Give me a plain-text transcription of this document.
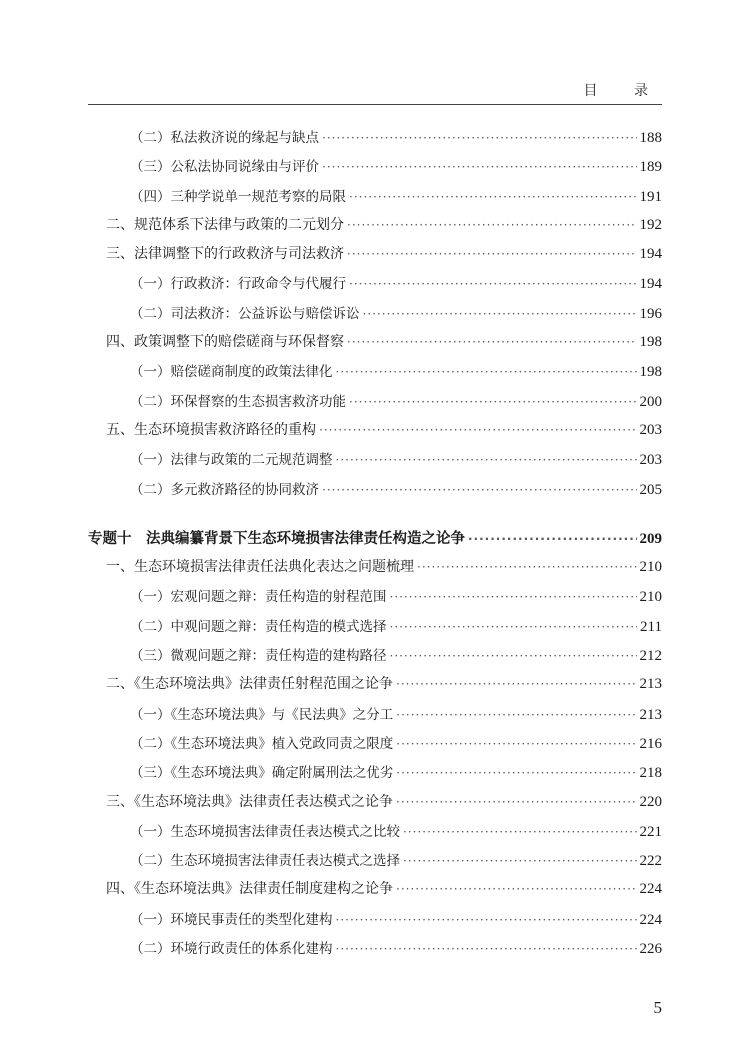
目 录
（二）私法救济说的缘起与缺点 ·····	188
（三）公私法协同说缘由与评价 ·····	189
（四）三种学说单一规范考察的局限 ·····	191
二、规范体系下法律与政策的二元划分 ·····	192
三、法律调整下的行政救济与司法救济 ·····	194
（一）行政救济：行政命令与代履行 ·····	194
（二）司法救济：公益诉讼与赔偿诉讼 ·····	196
四、政策调整下的赔偿磋商与环保督察 ·····	198
（一）赔偿磋商制度的政策法律化 ·····	198
（二）环保督察的生态损害救济功能 ·····	200
五、生态环境损害救济路径的重构 ·····	203
（一）法律与政策的二元规范调整 ·····	203
（二）多元救济路径的协同救济 ·····	205
专题十　法典编纂背景下生态环境损害法律责任构造之论争 ·····	209
一、生态环境损害法律责任法典化表达之问题梳理 ·····	210
（一）宏观问题之辩：责任构造的射程范围 ·····	210
（二）中观问题之辩：责任构造的模式选择 ·····	211
（三）微观问题之辩：责任构造的建构路径 ·····	212
二、《生态环境法典》法律责任射程范围之论争 ·····	213
（一）《生态环境法典》与《民法典》之分工 ·····	213
（二）《生态环境法典》植入党政同责之限度 ·····	216
（三）《生态环境法典》确定附属刑法之优劣 ·····	218
三、《生态环境法典》法律责任表达模式之论争 ·····	220
（一）生态环境损害法律责任表达模式之比较 ·····	221
（二）生态环境损害法律责任表达模式之选择 ·····	222
四、《生态环境法典》法律责任制度建构之论争 ·····	224
（一）环境民事责任的类型化建构 ·····	224
（二）环境行政责任的体系化建构 ·····	226
5
